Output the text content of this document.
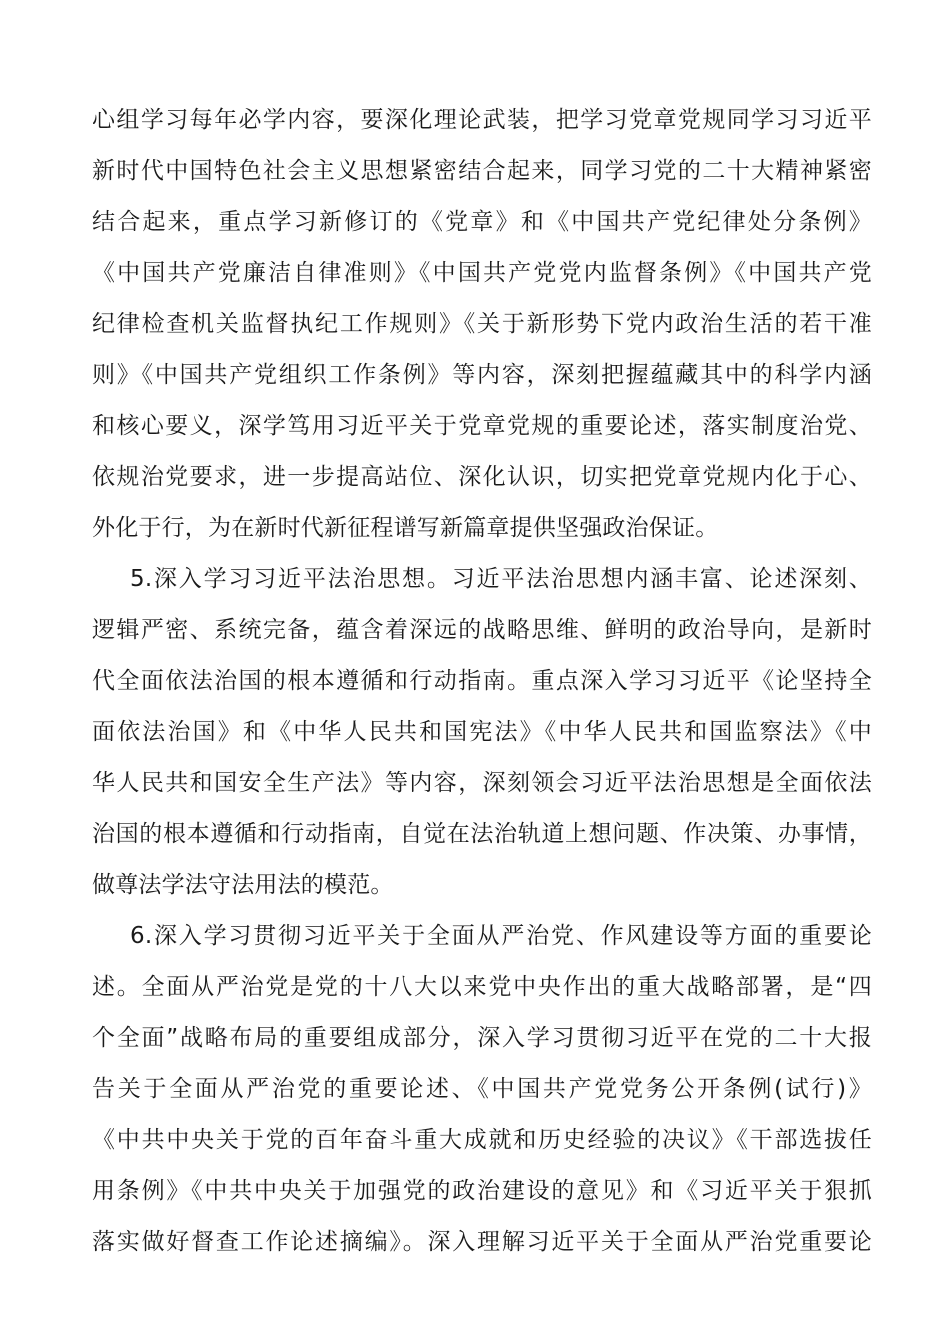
心组学习每年必学内容，要深化理论武装，把学习党章党规同学习习近平
新时代中国特色社会主义思想紧密结合起来，同学习党的二十大精神紧密
结合起来，重点学习新修订的《党章》和《中国共产党纪律处分条例》
《中国共产党廉洁自律准则》《中国共产党党内监督条例》《中国共产党
纪律检查机关监督执纪工作规则》《关于新形势下党内政治生活的若干准
则》《中国共产党组织工作条例》等内容，深刻把握蕴藏其中的科学内涵
和核心要义，深学笃用习近平关于党章党规的重要论述，落实制度治党、
依规治党要求，进一步提高站位、深化认识，切实把党章党规内化于心、
外化于行，为在新时代新征程谱写新篇章提供坚强政治保证。
5.深入学习习近平法治思想。习近平法治思想内涵丰富、论述深刻、
逻辑严密、系统完备，蕴含着深远的战略思维、鲜明的政治导向，是新时
代全面依法治国的根本遵循和行动指南。重点深入学习习近平《论坚持全
面依法治国》和《中华人民共和国宪法》《中华人民共和国监察法》《中
华人民共和国安全生产法》等内容，深刻领会习近平法治思想是全面依法
治国的根本遵循和行动指南，自觉在法治轨道上想问题、作决策、办事情，
做尊法学法守法用法的模范。
6.深入学习贯彻习近平关于全面从严治党、作风建设等方面的重要论
述。全面从严治党是党的十八大以来党中央作出的重大战略部署，是“四
个全面”战略布局的重要组成部分，深入学习贯彻习近平在党的二十大报
告关于全面从严治党的重要论述、《中国共产党党务公开条例(试行)》
《中共中央关于党的百年奋斗重大成就和历史经验的决议》《干部选拔任
用条例》《中共中央关于加强党的政治建设的意见》和《习近平关于狠抓
落实做好督查工作论述摘编》。深入理解习近平关于全面从严治党重要论
